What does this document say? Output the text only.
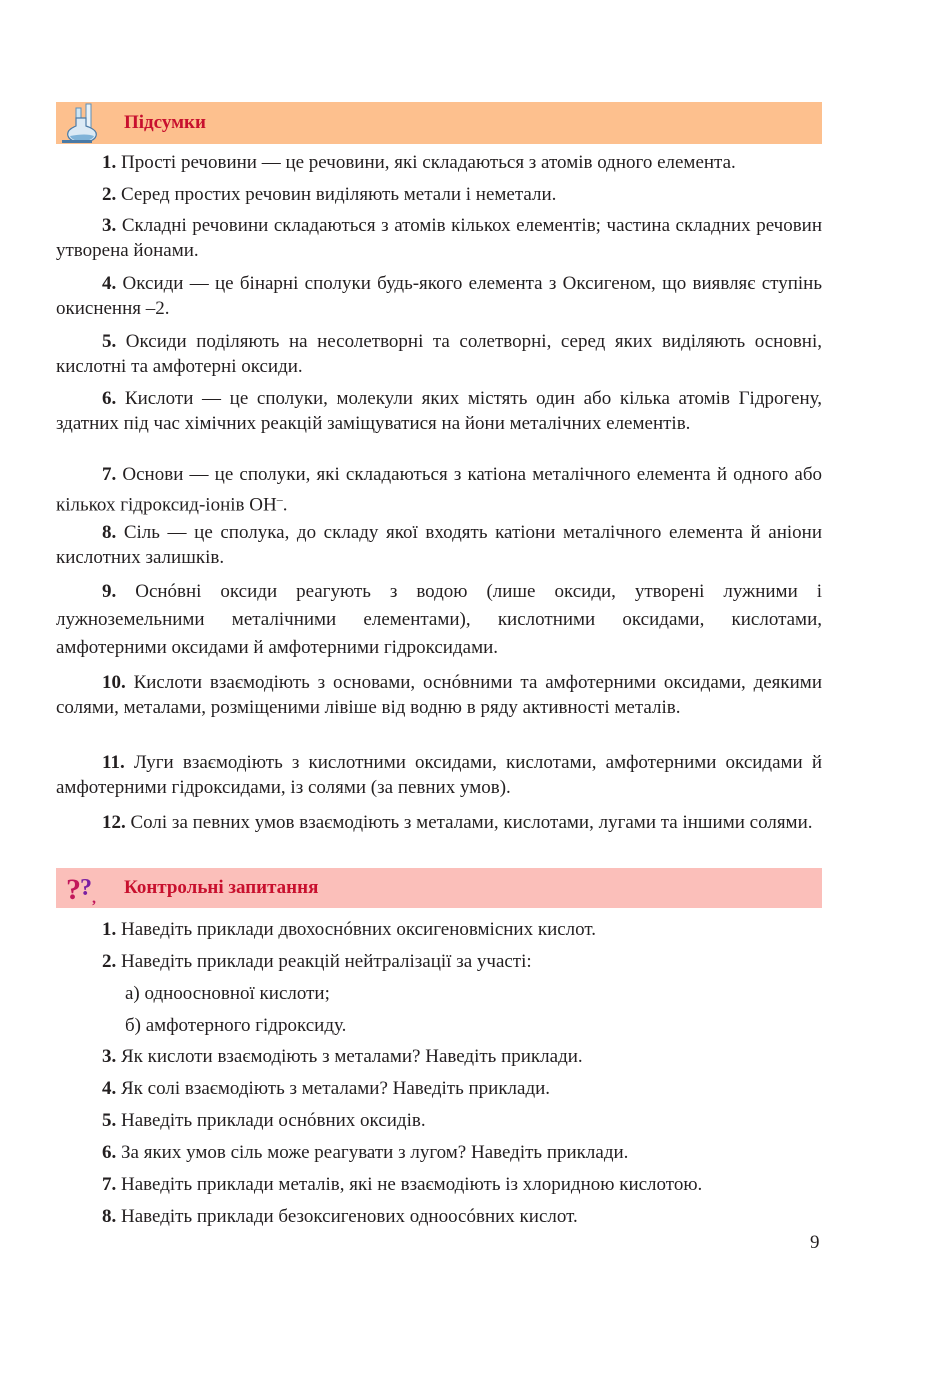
Підсумки

1. Прості речовини — це речовини, які складаються з атомів одного елемента.

2. Серед простих речовин виділяють метали і неметали.

3. Складні речовини складаються з атомів кількох елементів; частина складних речовин утворена йонами.

4. Оксиди — це бінарні сполуки будь-якого елемента з Оксигеном, що виявляє ступінь окиснення –2.

5. Оксиди поділяють на несолетворні та солетворні, серед яких виділяють основні, кислотні та амфотерні оксиди.

6. Кислоти — це сполуки, молекули яких містять один або кілька атомів Гідрогену, здатних під час хімічних реакцій заміщуватися на йони металічних елементів.

7. Основи — це сполуки, які складаються з катіона металічного елемента й одного або кількох гідроксид-іонів ОН–.

8. Сіль — це сполука, до складу якої входять катіони металічного елемента й аніони кислотних залишків.

9. Оснóвні оксиди реагують з водою (лише оксиди, утворені лужними і лужноземельними металічними елементами), кислотними оксидами, кислотами, амфотерними оксидами й амфотерними гідроксидами.

10. Кислоти взаємодіють з основами, оснóвними та амфотерними оксидами, деякими солями, металами, розміщеними лівіше від водню в ряду активності металів.

11. Луги взаємодіють з кислотними оксидами, кислотами, амфотерними оксидами й амфотерними гідроксидами, із солями (за певних умов).

12. Солі за певних умов взаємодіють з металами, кислотами, лугами та іншими солями.

? ? ,
Контрольні запитання

1. Наведіть приклади двохоснóвних оксигеновмісних кислот.

2. Наведіть приклади реакцій нейтралізації за участі:

а) одноосновної кислоти;

б) амфотерного гідроксиду.

3. Як кислоти взаємодіють з металами? Наведіть приклади.

4. Як солі взаємодіють з металами? Наведіть приклади.

5. Наведіть приклади оснóвних оксидів.

6. За яких умов сіль може реагувати з лугом? Наведіть приклади.

7. Наведіть приклади металів, які не взаємодіють із хлоридною кислотою.

8. Наведіть приклади безоксигенових одноосóвних кислот.

9
